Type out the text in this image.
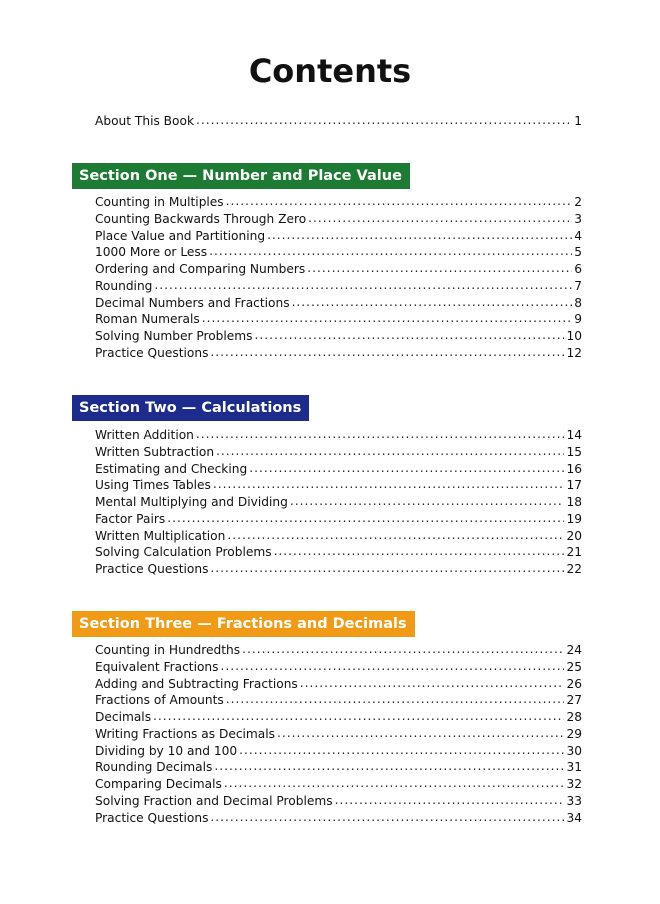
Contents
About This Book .....	1
Section One — Number and Place Value
Counting in Multiples .....	2
Counting Backwards Through Zero .....	3
Place Value and Partitioning .....	4
1000 More or Less .....	5
Ordering and Comparing Numbers .....	6
Rounding .....	7
Decimal Numbers and Fractions .....	8
Roman Numerals .....	9
Solving Number Problems .....	10
Practice Questions .....	12
Section Two — Calculations
Written Addition .....	14
Written Subtraction .....	15
Estimating and Checking .....	16
Using Times Tables .....	17
Mental Multiplying and Dividing .....	18
Factor Pairs .....	19
Written Multiplication .....	20
Solving Calculation Problems .....	21
Practice Questions .....	22
Section Three — Fractions and Decimals
Counting in Hundredths .....	24
Equivalent Fractions .....	25
Adding and Subtracting Fractions .....	26
Fractions of Amounts .....	27
Decimals .....	28
Writing Fractions as Decimals .....	29
Dividing by 10 and 100 .....	30
Rounding Decimals .....	31
Comparing Decimals .....	32
Solving Fraction and Decimal Problems .....	33
Practice Questions .....	34
